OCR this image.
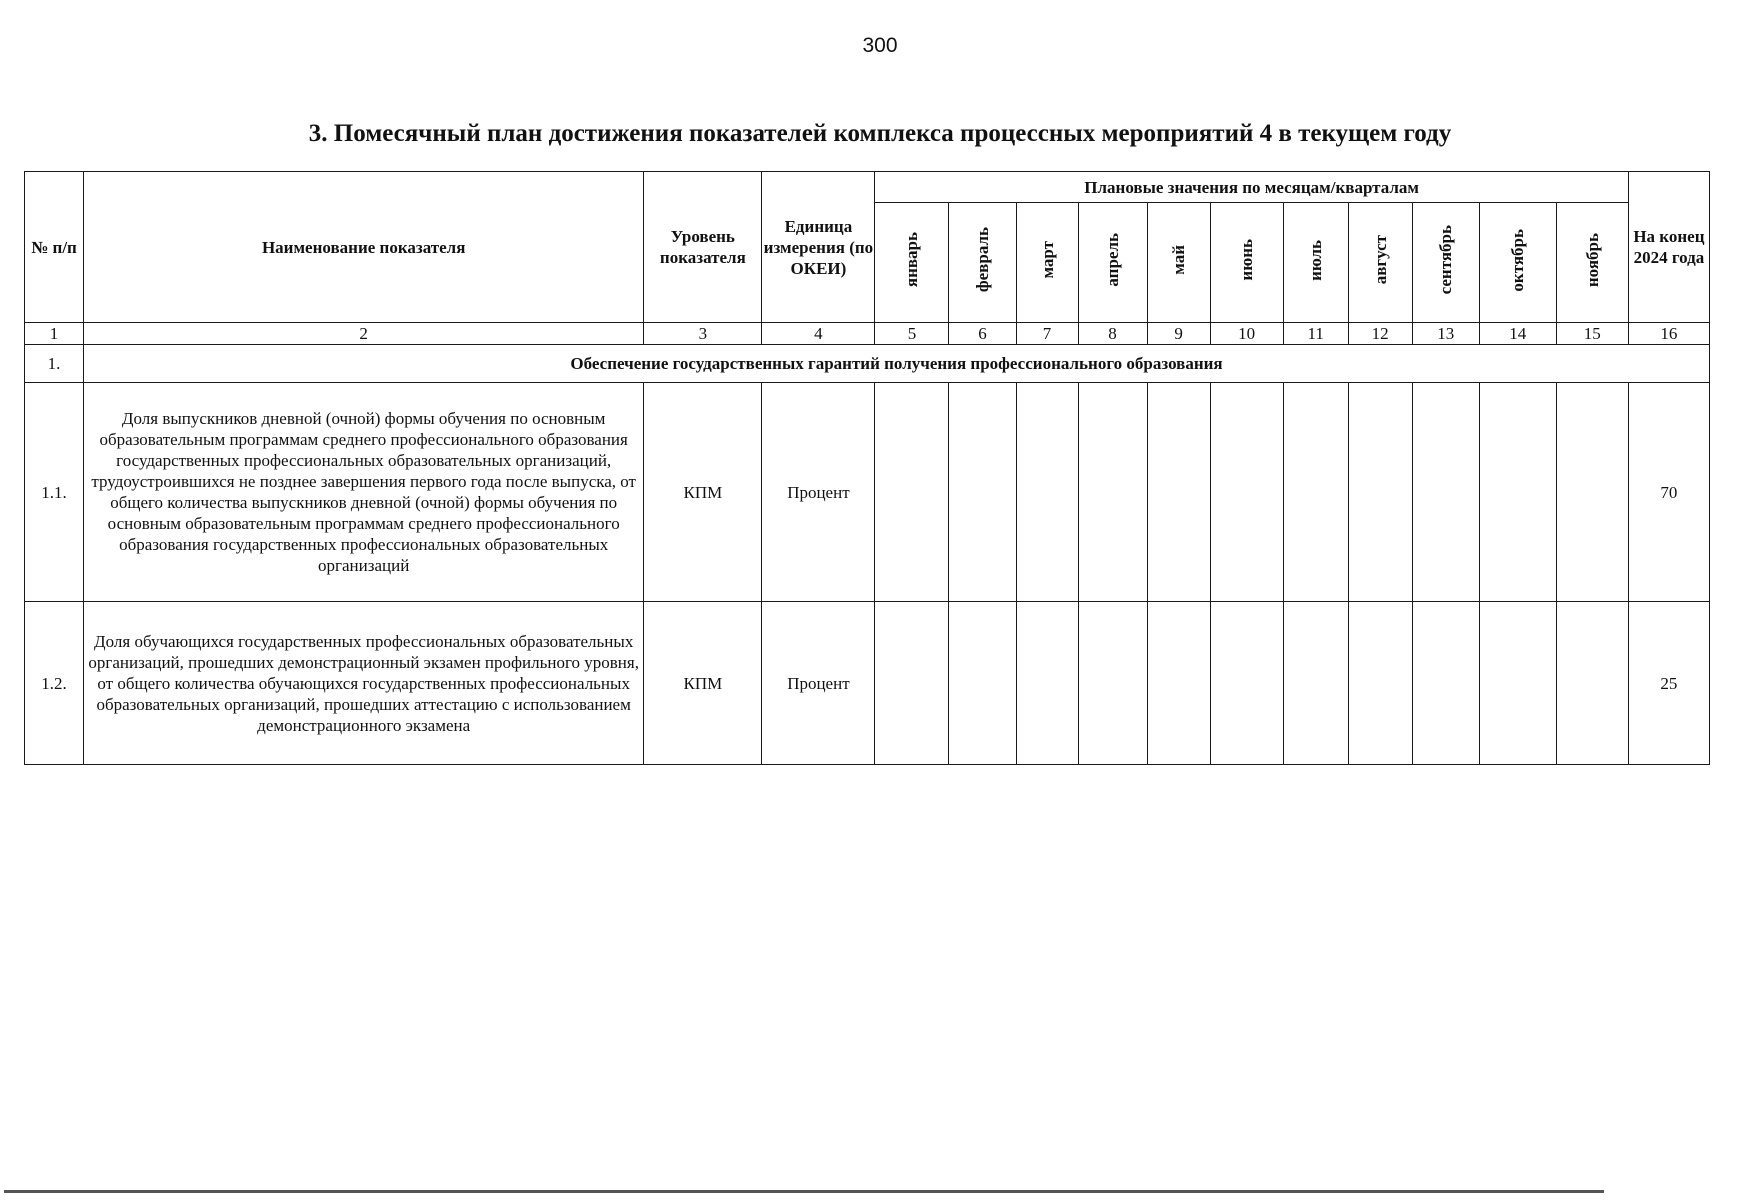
300
3. Помесячный план достижения показателей комплекса процессных мероприятий 4 в текущем году
№ п/п	Наименование показателя	Уровень показателя	Единица измерения (по ОКЕИ)	Плановые значения по месяцам/кварталам											На конец 2024 года
				январь	февраль	март	апрель	май	июнь	июль	август	сентябрь	октябрь	ноябрь	
1	2	3	4	5	6	7	8	9	10	11	12	13	14	15	16
1.	Обеспечение государственных гарантий получения профессионального образования														
1.1.	Доля выпускников дневной (очной) формы обучения по основным образовательным программам среднего профессионального образования государственных профессиональных образовательных организаций, трудоустроившихся не позднее завершения первого года после выпуска, от общего количества выпускников дневной (очной) формы обучения по основным образовательным программам среднего профессионального образования государственных профессиональных образовательных организаций	КПМ	Процент												70
1.2.	Доля обучающихся государственных профессиональных образовательных организаций, прошедших демонстрационный экзамен профильного уровня, от общего количества обучающихся государственных профессиональных образовательных организаций, прошедших аттестацию с использованием демонстрационного экзамена	КПМ	Процент												25
